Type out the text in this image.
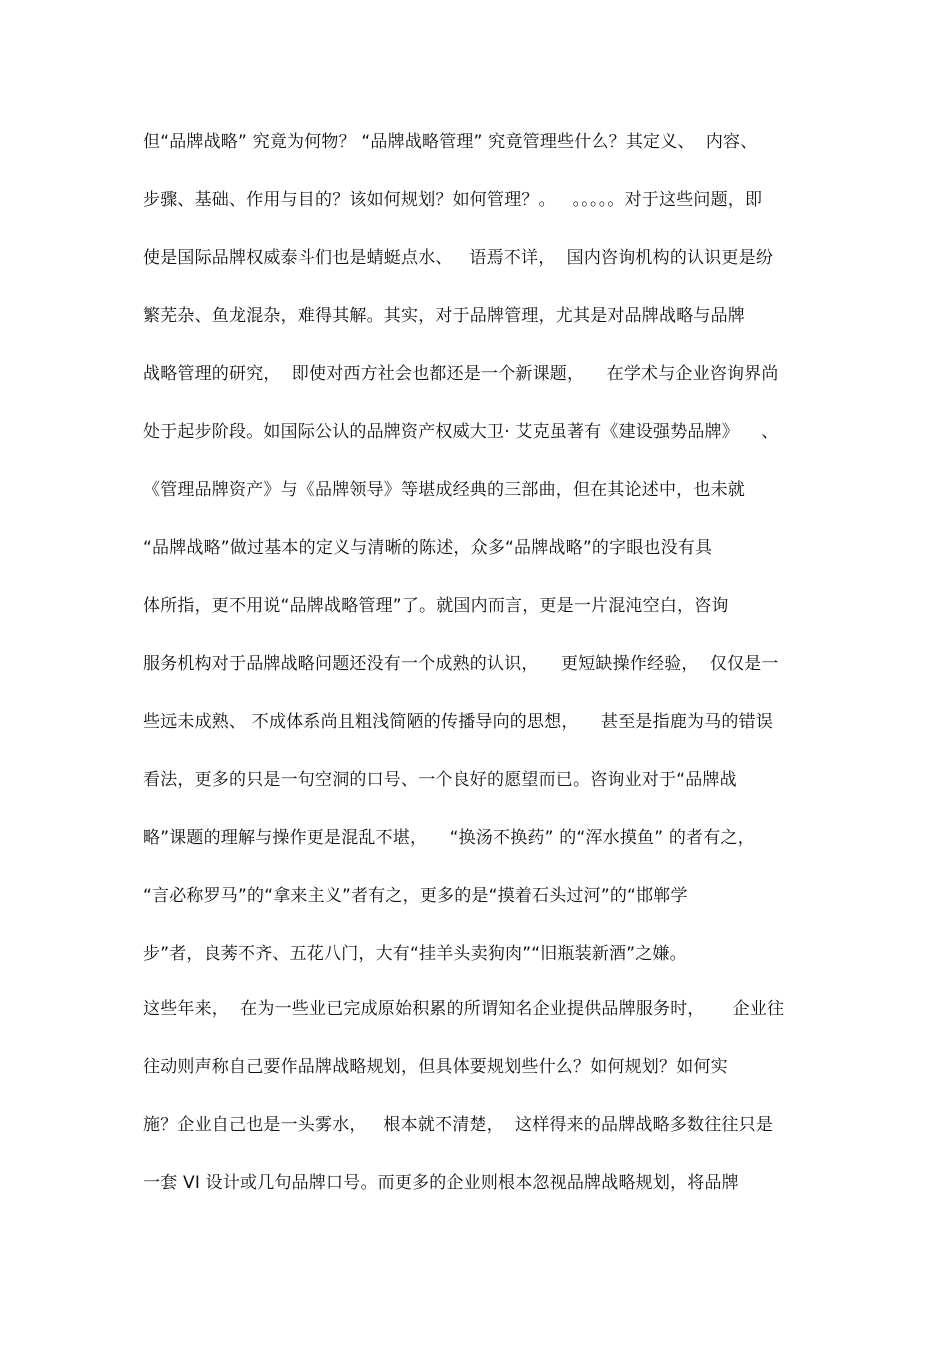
但“品牌战略” 究竟为何物？ “品牌战略管理” 究竟管理些什么？其定义、  内容、
步骤、基础、作用与目的？该如何规划？如何管理？。   。。。。。对于这些问题，即
使是国际品牌权威泰斗们也是蜻蜓点水、   语焉不详，  国内咨询机构的认识更是纷
繁芜杂、鱼龙混杂，难得其解。其实，对于品牌管理，尤其是对品牌战略与品牌
战略管理的研究，  即使对西方社会也都还是一个新课题，    在学术与企业咨询界尚
处于起步阶段。如国际公认的品牌资产权威大卫· 艾克虽著有《建设强势品牌》    、
《管理品牌资产》与《品牌领导》等堪成经典的三部曲，但在其论述中，也未就
“品牌战略”做过基本的定义与清晰的陈述，众多“品牌战略”的字眼也没有具
体所指，更不用说“品牌战略管理”了。就国内而言，更是一片混沌空白，咨询
服务机构对于品牌战略问题还没有一个成熟的认识，    更短缺操作经验，  仅仅是一
些远未成熟、 不成体系尚且粗浅简陋的传播导向的思想，    甚至是指鹿为马的错误
看法，更多的只是一句空洞的口号、一个良好的愿望而已。咨询业对于“品牌战
略”课题的理解与操作更是混乱不堪，    “换汤不换药” 的“浑水摸鱼” 的者有之，
“言必称罗马”的“拿来主义”者有之，更多的是“摸着石头过河”的“邯郸学
步”者，良莠不齐、五花八门，大有“挂羊头卖狗肉”“旧瓶装新酒”之嫌。
这些年来，  在为一些业已完成原始积累的所谓知名企业提供品牌服务时，     企业往
往动则声称自己要作品牌战略规划，但具体要规划些什么？如何规划？如何实
施？企业自己也是一头雾水，   根本就不清楚，  这样得来的品牌战略多数往往只是
一套 VI 设计或几句品牌口号。而更多的企业则根本忽视品牌战略规划，将品牌
